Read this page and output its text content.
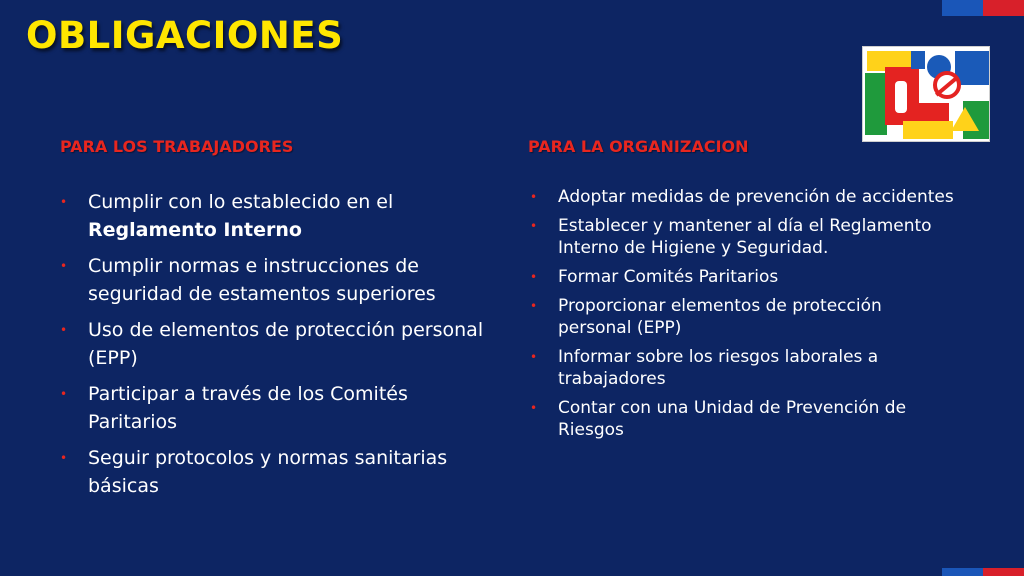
OBLIGACIONES
PARA LOS TRABAJADORES	PARA LA ORGANIZACION
• Cumplir con lo establecido en el
Reglamento Interno
• Cumplir normas e instrucciones de seguridad de estamentos superiores
• Uso de elementos de protección personal (EPP)
• Participar a través de los Comités Paritarios
• Seguir protocolos y normas sanitarias básicas
• Adoptar medidas de prevención de accidentes
• Establecer y mantener al día el Reglamento Interno de Higiene y Seguridad.
• Formar Comités Paritarios
• Proporcionar elementos de protección personal (EPP)
• Informar sobre los riesgos laborales a trabajadores
• Contar con una Unidad de Prevención de Riesgos
